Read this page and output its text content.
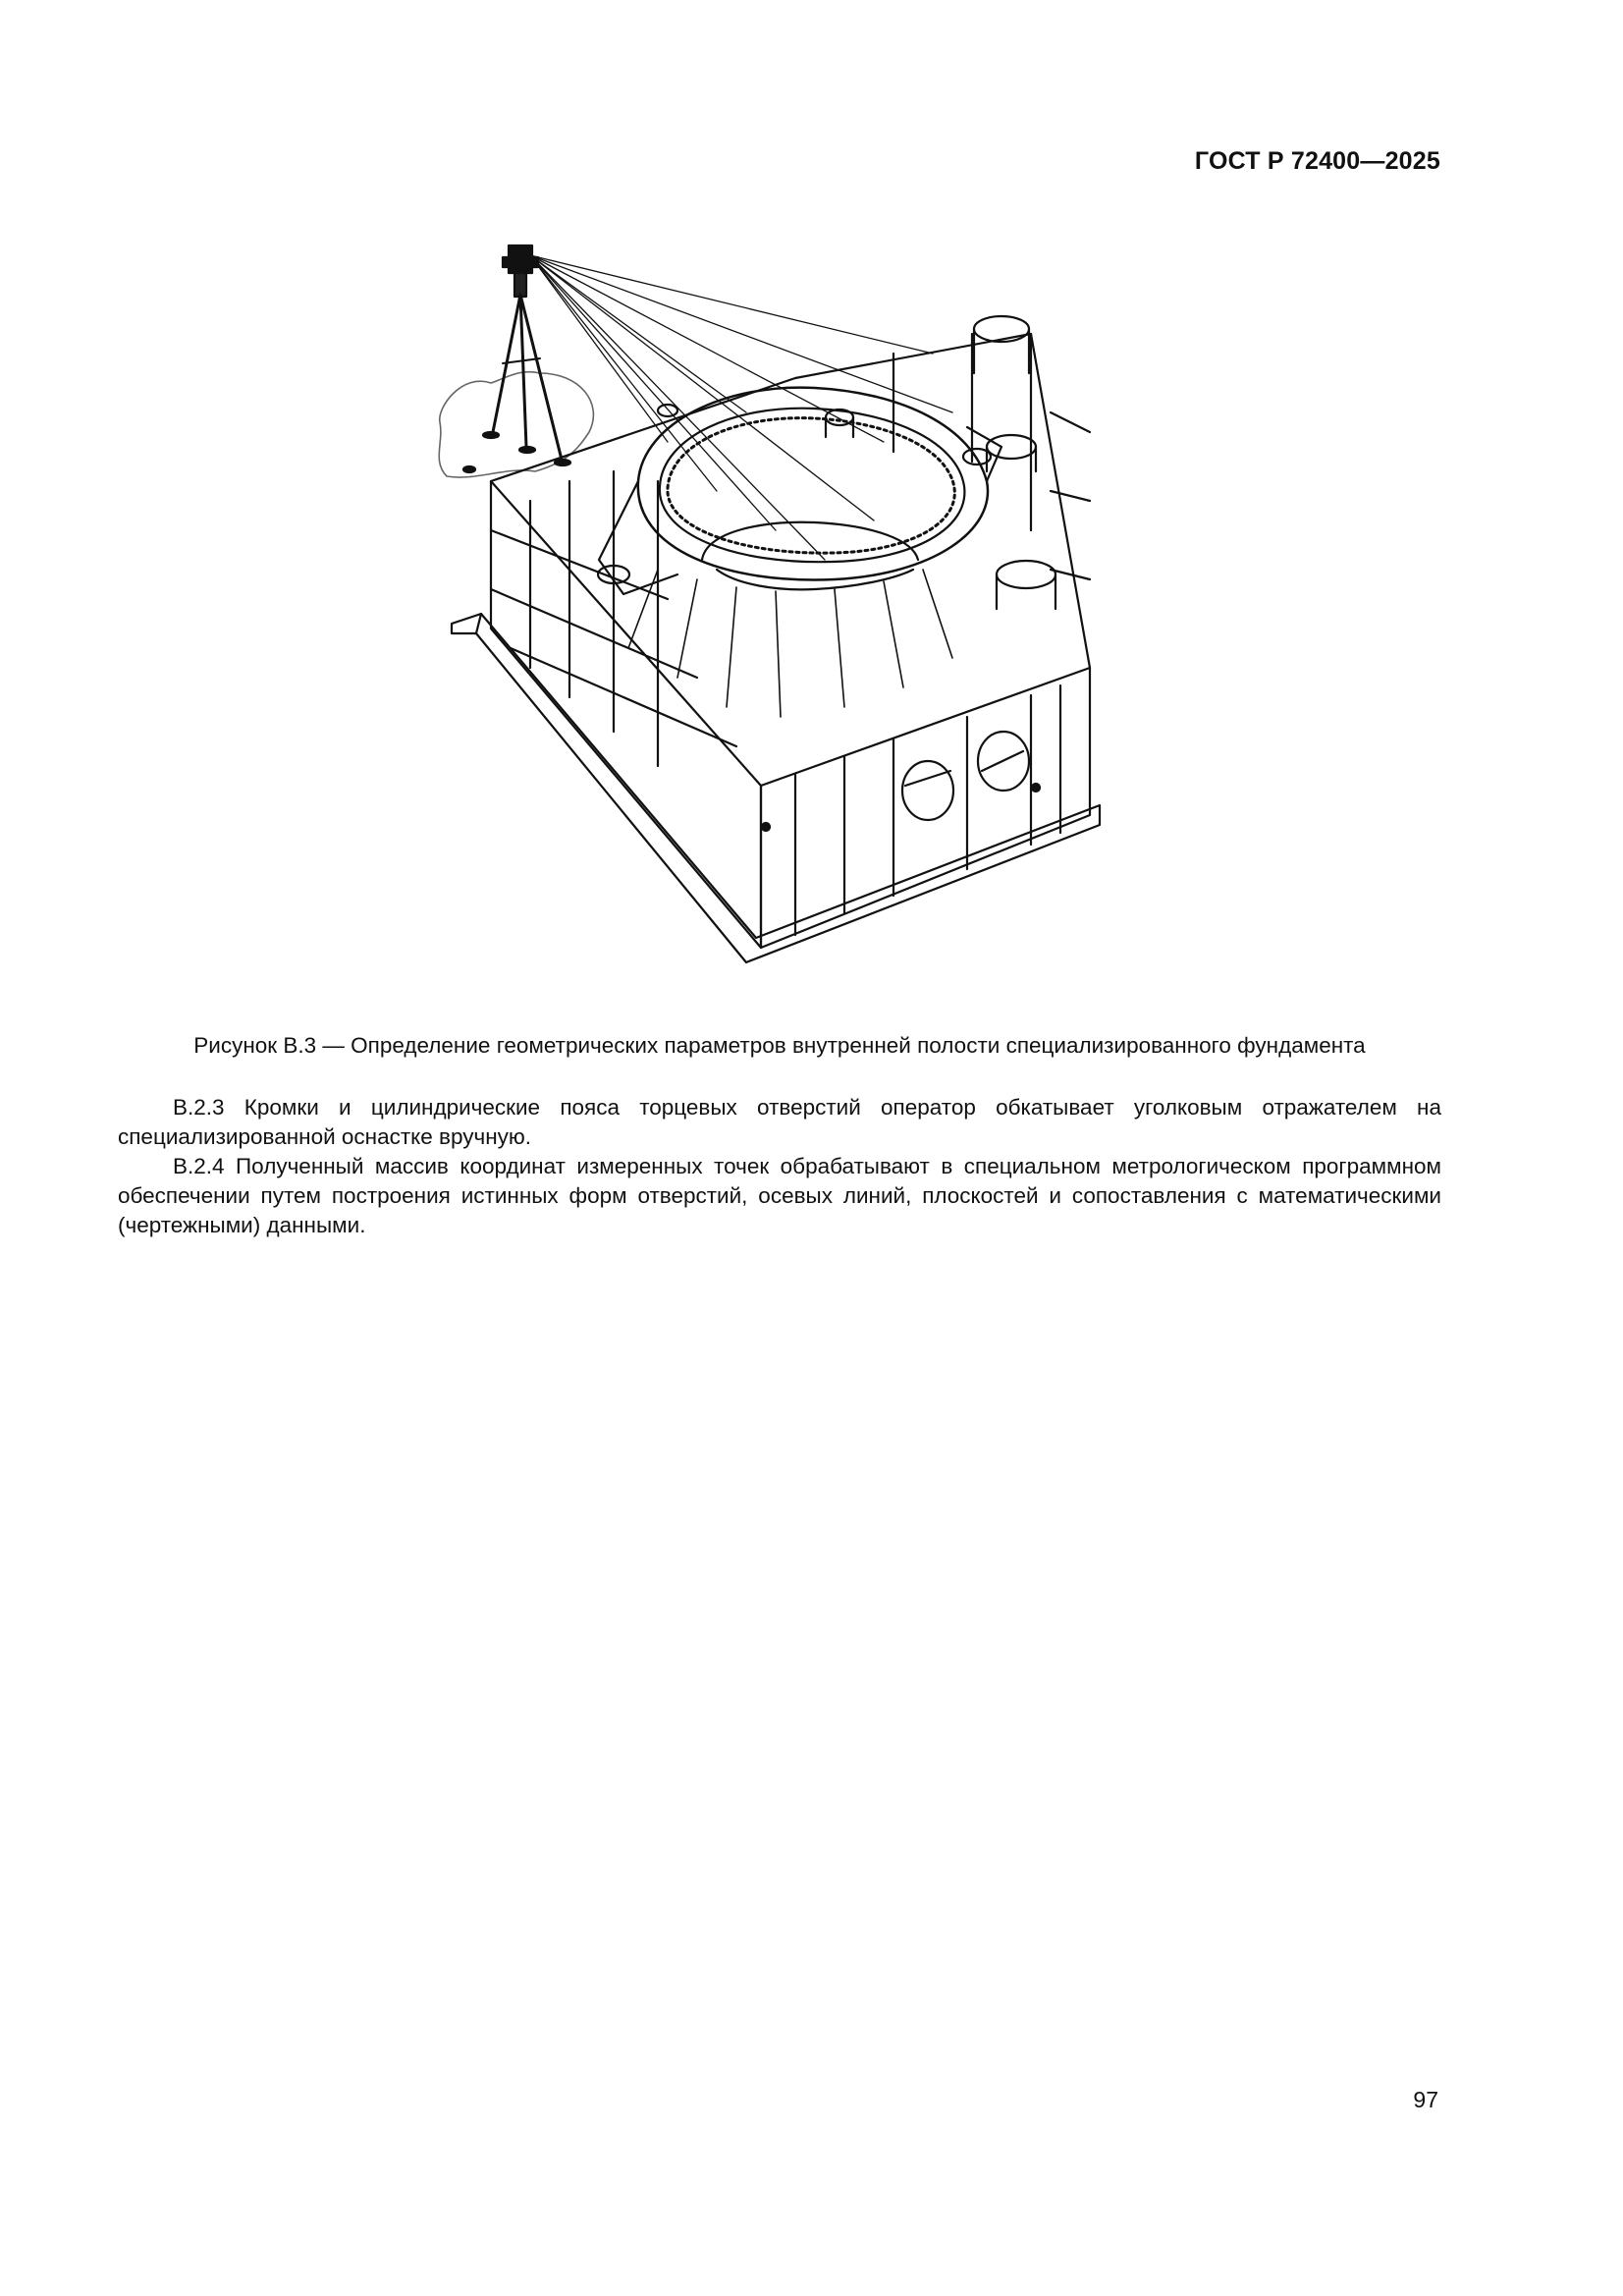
ГОСТ Р 72400—2025
Рисунок В.3 — Определение геометрических параметров внутренней полости специализированного фундамента

В.2.3 Кромки и цилиндрические пояса торцевых отверстий оператор обкатывает уголковым отражателем на специализированной оснастке вручную.

В.2.4 Полученный массив координат измеренных точек обрабатывают в специальном метрологическом программном обеспечении путем построения истинных форм отверстий, осевых линий, плоскостей и сопоставления с математическими (чертежными) данными.

97
